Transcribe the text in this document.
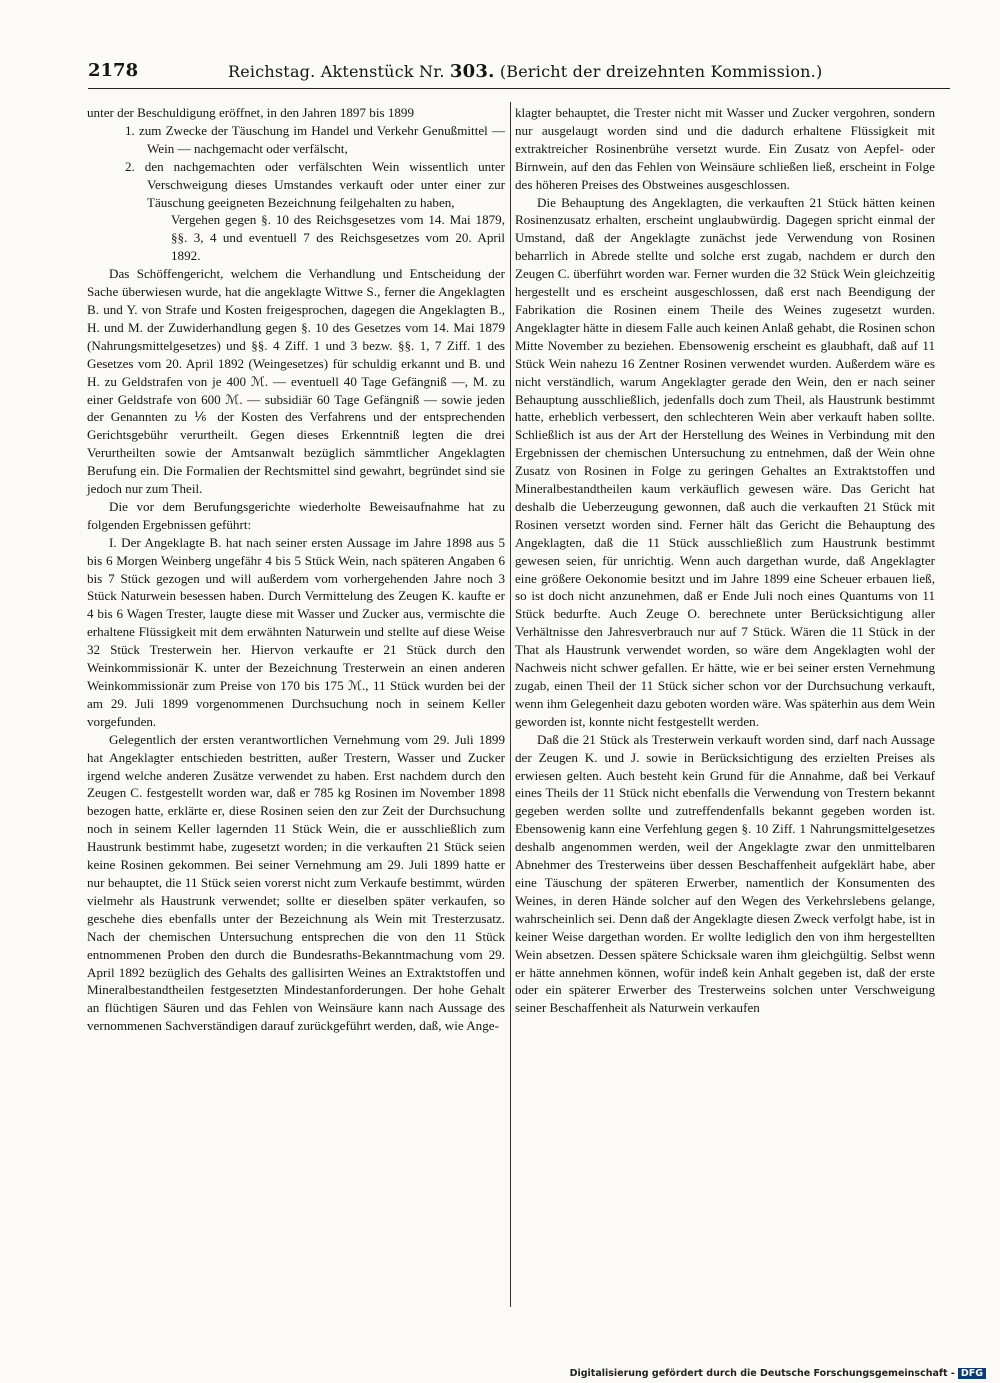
2178	Reichstag. Aktenstück Nr. 303. (Bericht der dreizehnten Kommission.)

unter der Beschuldigung eröffnet, in den Jahren 1897 bis 1899

1. zum Zwecke der Täuschung im Handel und Verkehr Genußmittel — Wein — nachgemacht oder verfälscht,

2. den nachgemachten oder verfälschten Wein wissentlich unter Verschweigung dieses Umstandes verkauft oder unter einer zur Täuschung geeigneten Bezeichnung feilgehalten zu haben,

Vergehen gegen §. 10 des Reichsgesetzes vom 14. Mai 1879, §§. 3, 4 und eventuell 7 des Reichsgesetzes vom 20. April 1892.

Das Schöffengericht, welchem die Verhandlung und Entscheidung der Sache überwiesen wurde, hat die angeklagte Wittwe S., ferner die Angeklagten B. und Y. von Strafe und Kosten freigesprochen, dagegen die Angeklagten B., H. und M. der Zuwiderhandlung gegen §. 10 des Gesetzes vom 14. Mai 1879 (Nahrungsmittelgesetzes) und §§. 4 Ziff. 1 und 3 bezw. §§. 1, 7 Ziff. 1 des Gesetzes vom 20. April 1892 (Weingesetzes) für schuldig erkannt und B. und H. zu Geldstrafen von je 400 ℳ. — eventuell 40 Tage Gefängniß —, M. zu einer Geldstrafe von 600 ℳ. — subsidiär 60 Tage Gefängniß — sowie jeden der Genannten zu ⅙ der Kosten des Verfahrens und der entsprechenden Gerichtsgebühr verurtheilt. Gegen dieses Erkenntniß legten die drei Verurtheilten sowie der Amtsanwalt bezüglich sämmtlicher Angeklagten Berufung ein. Die Formalien der Rechtsmittel sind gewahrt, begründet sind sie jedoch nur zum Theil.

Die vor dem Berufungsgerichte wiederholte Beweisaufnahme hat zu folgenden Ergebnissen geführt:

I. Der Angeklagte B. hat nach seiner ersten Aussage im Jahre 1898 aus 5 bis 6 Morgen Weinberg ungefähr 4 bis 5 Stück Wein, nach späteren Angaben 6 bis 7 Stück gezogen und will außerdem vom vorhergehenden Jahre noch 3 Stück Naturwein besessen haben. Durch Vermittelung des Zeugen K. kaufte er 4 bis 6 Wagen Trester, laugte diese mit Wasser und Zucker aus, vermischte die erhaltene Flüssigkeit mit dem erwähnten Naturwein und stellte auf diese Weise 32 Stück Tresterwein her. Hiervon verkaufte er 21 Stück durch den Weinkommissionär K. unter der Bezeichnung Tresterwein an einen anderen Weinkommissionär zum Preise von 170 bis 175 ℳ., 11 Stück wurden bei der am 29. Juli 1899 vorgenommenen Durchsuchung noch in seinem Keller vorgefunden.

Gelegentlich der ersten verantwortlichen Vernehmung vom 29. Juli 1899 hat Angeklagter entschieden bestritten, außer Trestern, Wasser und Zucker irgend welche anderen Zusätze verwendet zu haben. Erst nachdem durch den Zeugen C. festgestellt worden war, daß er 785 kg Rosinen im November 1898 bezogen hatte, erklärte er, diese Rosinen seien den zur Zeit der Durchsuchung noch in seinem Keller lagernden 11 Stück Wein, die er ausschließlich zum Haustrunk bestimmt habe, zugesetzt worden; in die verkauften 21 Stück seien keine Rosinen gekommen. Bei seiner Vernehmung am 29. Juli 1899 hatte er nur behauptet, die 11 Stück seien vorerst nicht zum Verkaufe bestimmt, würden vielmehr als Haustrunk verwendet; sollte er dieselben später verkaufen, so geschehe dies ebenfalls unter der Bezeichnung als Wein mit Tresterzusatz. Nach der chemischen Untersuchung entsprechen die von den 11 Stück entnommenen Proben den durch die Bundesraths-Bekanntmachung vom 29. April 1892 bezüglich des Gehalts des gallisirten Weines an Extraktstoffen und Mineralbestandtheilen festgesetzten Mindestanforderungen. Der hohe Gehalt an flüchtigen Säuren und das Fehlen von Weinsäure kann nach Aussage des vernommenen Sachverständigen darauf zurückgeführt werden, daß, wie Ange-

klagter behauptet, die Trester nicht mit Wasser und Zucker vergohren, sondern nur ausgelaugt worden sind und die dadurch erhaltene Flüssigkeit mit extraktreicher Rosinenbrühe versetzt wurde. Ein Zusatz von Aepfel- oder Birnwein, auf den das Fehlen von Weinsäure schließen ließ, erscheint in Folge des höheren Preises des Obstweines ausgeschlossen.

Die Behauptung des Angeklagten, die verkauften 21 Stück hätten keinen Rosinenzusatz erhalten, erscheint unglaubwürdig. Dagegen spricht einmal der Umstand, daß der Angeklagte zunächst jede Verwendung von Rosinen beharrlich in Abrede stellte und solche erst zugab, nachdem er durch den Zeugen C. überführt worden war. Ferner wurden die 32 Stück Wein gleichzeitig hergestellt und es erscheint ausgeschlossen, daß erst nach Beendigung der Fabrikation die Rosinen einem Theile des Weines zugesetzt wurden. Angeklagter hätte in diesem Falle auch keinen Anlaß gehabt, die Rosinen schon Mitte November zu beziehen. Ebensowenig erscheint es glaubhaft, daß auf 11 Stück Wein nahezu 16 Zentner Rosinen verwendet wurden. Außerdem wäre es nicht verständlich, warum Angeklagter gerade den Wein, den er nach seiner Behauptung ausschließlich, jedenfalls doch zum Theil, als Haustrunk bestimmt hatte, erheblich verbessert, den schlechteren Wein aber verkauft haben sollte. Schließlich ist aus der Art der Herstellung des Weines in Verbindung mit den Ergebnissen der chemischen Untersuchung zu entnehmen, daß der Wein ohne Zusatz von Rosinen in Folge zu geringen Gehaltes an Extraktstoffen und Mineralbestandtheilen kaum verkäuflich gewesen wäre. Das Gericht hat deshalb die Ueberzeugung gewonnen, daß auch die verkauften 21 Stück mit Rosinen versetzt worden sind. Ferner hält das Gericht die Behauptung des Angeklagten, daß die 11 Stück ausschließlich zum Haustrunk bestimmt gewesen seien, für unrichtig. Wenn auch dargethan wurde, daß Angeklagter eine größere Oekonomie besitzt und im Jahre 1899 eine Scheuer erbauen ließ, so ist doch nicht anzunehmen, daß er Ende Juli noch eines Quantums von 11 Stück bedurfte. Auch Zeuge O. berechnete unter Berücksichtigung aller Verhältnisse den Jahresverbrauch nur auf 7 Stück. Wären die 11 Stück in der That als Haustrunk verwendet worden, so wäre dem Angeklagten wohl der Nachweis nicht schwer gefallen. Er hätte, wie er bei seiner ersten Vernehmung zugab, einen Theil der 11 Stück sicher schon vor der Durchsuchung verkauft, wenn ihm Gelegenheit dazu geboten worden wäre. Was späterhin aus dem Wein geworden ist, konnte nicht festgestellt werden.

Daß die 21 Stück als Tresterwein verkauft worden sind, darf nach Aussage der Zeugen K. und J. sowie in Berücksichtigung des erzielten Preises als erwiesen gelten. Auch besteht kein Grund für die Annahme, daß bei Verkauf eines Theils der 11 Stück nicht ebenfalls die Verwendung von Trestern bekannt gegeben werden sollte und zutreffendenfalls bekannt gegeben worden ist. Ebensowenig kann eine Verfehlung gegen §. 10 Ziff. 1 Nahrungsmittelgesetzes deshalb angenommen werden, weil der Angeklagte zwar den unmittelbaren Abnehmer des Tresterweins über dessen Beschaffenheit aufgeklärt habe, aber eine Täuschung der späteren Erwerber, namentlich der Konsumenten des Weines, in deren Hände solcher auf den Wegen des Verkehrslebens gelange, wahrscheinlich sei. Denn daß der Angeklagte diesen Zweck verfolgt habe, ist in keiner Weise dargethan worden. Er wollte lediglich den von ihm hergestellten Wein absetzen. Dessen spätere Schicksale waren ihm gleichgültig. Selbst wenn er hätte annehmen können, wofür indeß kein Anhalt gegeben ist, daß der erste oder ein späterer Erwerber des Tresterweins solchen unter Verschweigung seiner Beschaffenheit als Naturwein verkaufen

Digitalisierung gefördert durch die Deutsche Forschungsgemeinschaft - DFG
